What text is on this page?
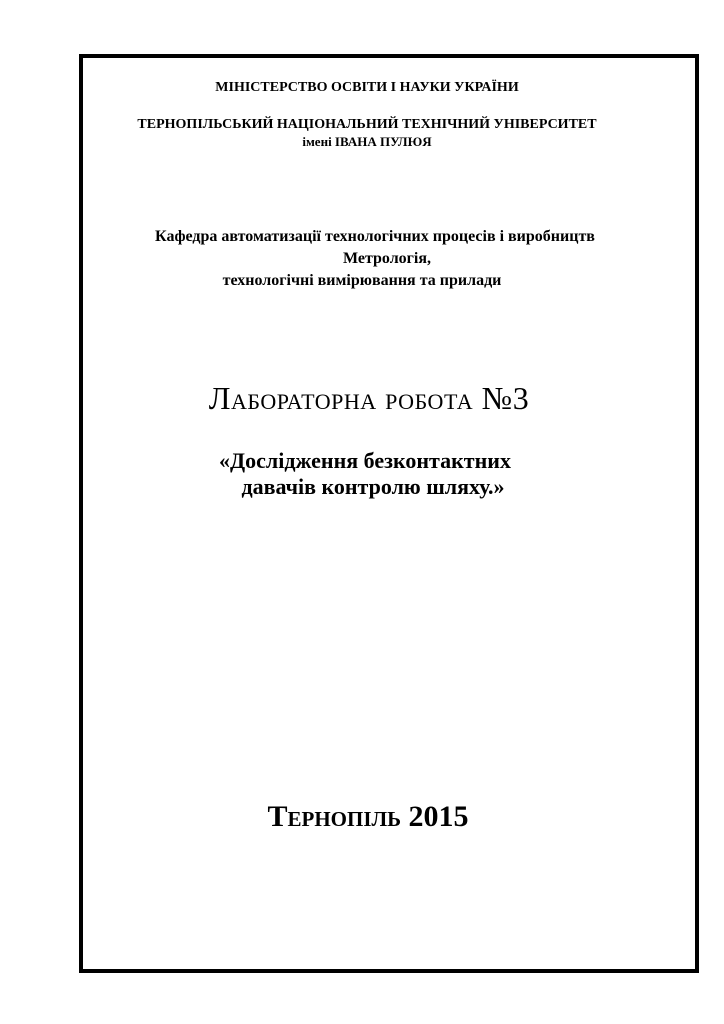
МІНІСТЕРСТВО ОСВІТИ І НАУКИ УКРАЇНИ
ТЕРНОПІЛЬСЬКИЙ НАЦІОНАЛЬНИЙ ТЕХНІЧНИЙ УНІВЕРСИТЕТ
імені ІВАНА ПУЛЮЯ
Кафедра автоматизації технологічних процесів і виробництв
Метрологія,
технологічні вимірювання та прилади
Лабораторна робота №3
«Дослідження безконтактних
давачів контролю шляху.»
Тернопіль 2015
